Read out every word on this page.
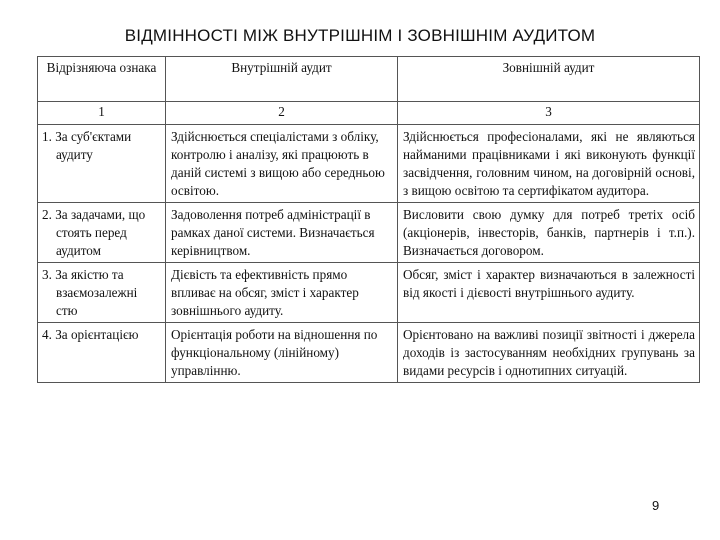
ВІДМІННОСТІ МІЖ ВНУТРІШНІМ І ЗОВНІШНІМ АУДИТОМ
Відрізняюча ознака	Внутрішній аудит	Зовнішній аудит
1	2	3

1. За суб'єктами аудиту	Здійснюється спеціалістами з обліку, контролю і аналізу, які працюють в даній системі з вищою або середньою освітою.	Здійснюється професіоналами, які не являються найманими працівниками і які виконують функції засвідчення, головним чином, на договірній основі, з вищою освітою та сертифікатом аудитора.

2. За задачами, що стоять перед аудитом	Задоволення потреб адміністрації в рамках даної системи. Визначається керівництвом.	Висловити свою думку для потреб третіх осіб (акціонерів, інвесторів, банків, партнерів і т.п.). Визначається договором.

3. За якістю та взаємозалежні стю	Дієвість та ефективність прямо впливає на обсяг, зміст і характер зовнішнього аудиту.	Обсяг, зміст і характер визначаються в залежності від якості і дієвості внутрішнього аудиту.

4. За орієнтацією	Орієнтація роботи на відношення по функціональному (лінійному) управлінню.	Орієнтовано на важливі позиції звітності і джерела доходів із застосуванням необхідних групувань за видами ресурсів і однотипних ситуацій.
9
